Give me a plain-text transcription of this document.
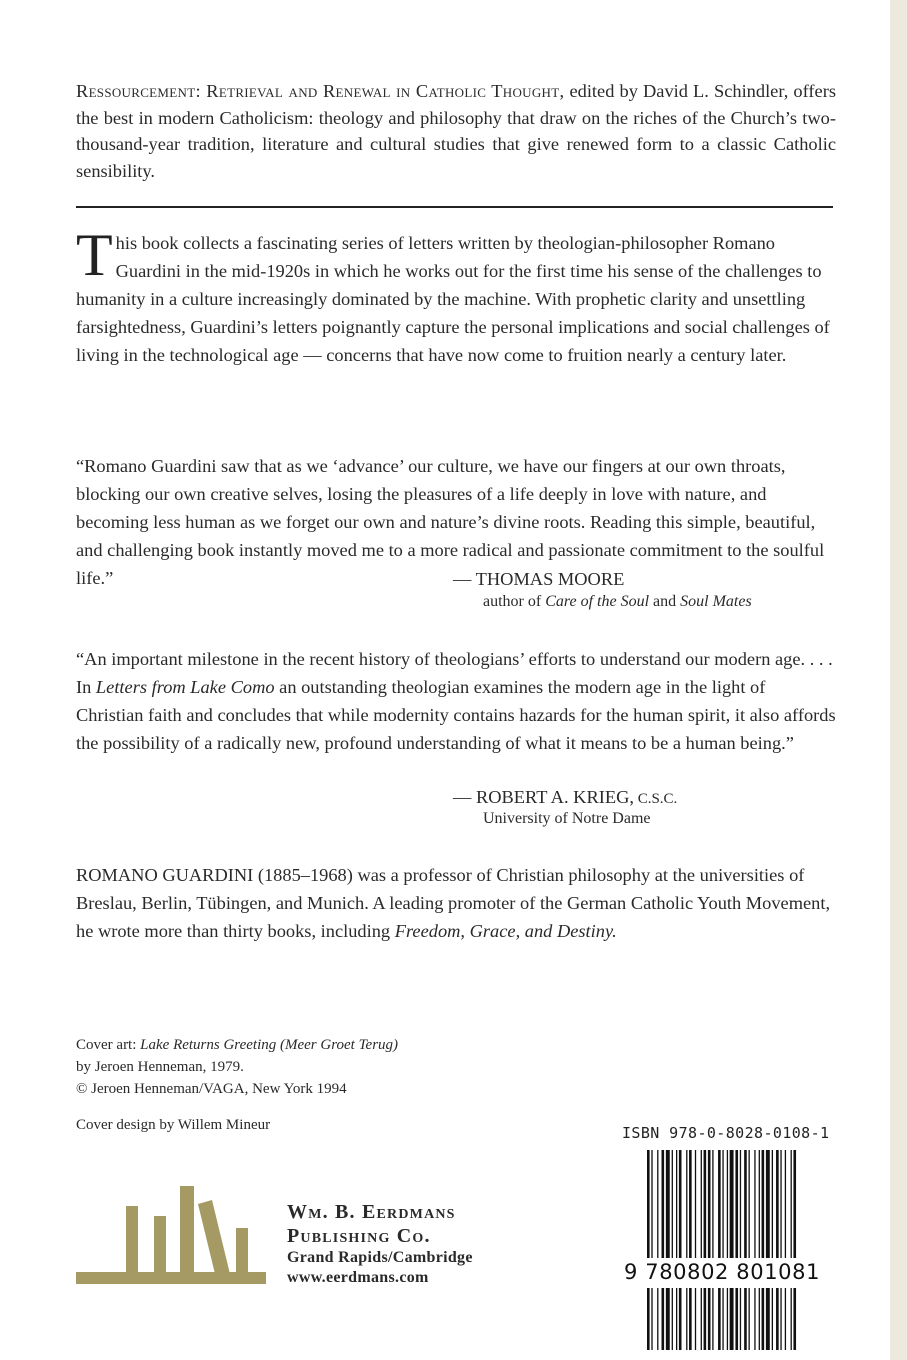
Ressourcement: Retrieval and Renewal in Catholic Thought, edited by David L. Schindler, offers the best in modern Catholicism: theology and philosophy that draw on the riches of the Church’s two-thousand-year tradition, literature and cultural studies that give renewed form to a classic Catholic sensibility.
This book collects a fascinating series of letters written by theologian-philosopher Romano Guardini in the mid-1920s in which he works out for the first time his sense of the challenges to humanity in a culture increasingly dominated by the machine. With prophetic clarity and unsettling farsightedness, Guardini’s letters poignantly capture the personal implications and social challenges of living in the technological age — concerns that have now come to fruition nearly a century later.
“Romano Guardini saw that as we ‘advance’ our culture, we have our fingers at our own throats, blocking our own creative selves, losing the pleasures of a life deeply in love with nature, and becoming less human as we forget our own and nature’s divine roots. Reading this simple, beautiful, and challenging book instantly moved me to a more radical and passionate commitment to the soulful life.”	— THOMAS MOORE
author of Care of the Soul and Soul Mates
“An important milestone in the recent history of theologians’ efforts to understand our modern age. . . . In Letters from Lake Como an outstanding theologian examines the modern age in the light of Christian faith and concludes that while modernity contains hazards for the human spirit, it also affords the possibility of a radically new, profound understanding of what it means to be a human being.”
— ROBERT A. KRIEG, C.S.C.
University of Notre Dame
ROMANO GUARDINI (1885–1968) was a professor of Christian philosophy at the universities of Breslau, Berlin, Tübingen, and Munich. A leading promoter of the German Catholic Youth Movement, he wrote more than thirty books, including Freedom, Grace, and Destiny.
Cover art: Lake Returns Greeting (Meer Groet Terug)
by Jeroen Henneman, 1979.
© Jeroen Henneman/VAGA, New York 1994
Cover design by Willem Mineur	ISBN 978-0-8028-0108-1
9 780802 801081
Wm. B. Eerdmans
Publishing Co.
Grand Rapids/Cambridge
www.eerdmans.com
